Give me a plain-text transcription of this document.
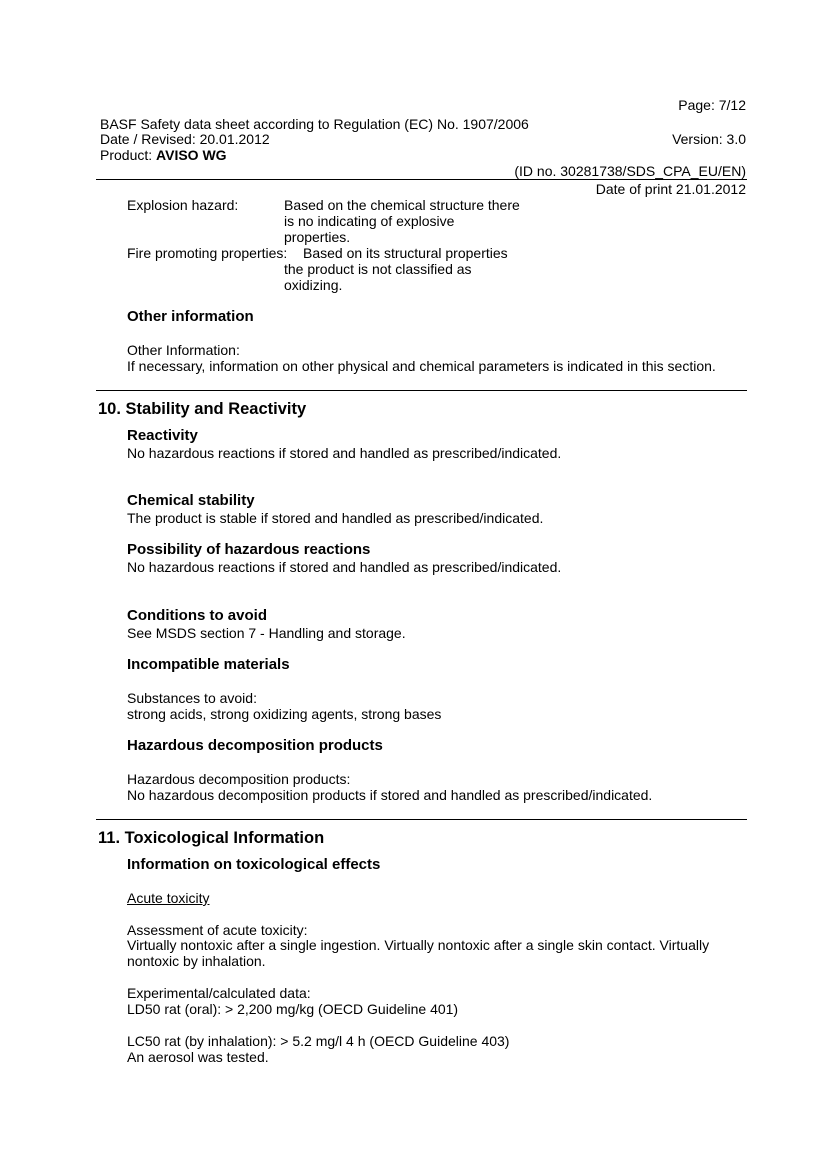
Page: 7/12
BASF Safety data sheet according to Regulation (EC) No. 1907/2006
Date / Revised: 20.01.2012	Version: 3.0
Product: AVISO WG
(ID no. 30281738/SDS_CPA_EU/EN)
Date of print 21.01.2012
Explosion hazard:	Based on the chemical structure there
is no indicating of explosive
properties.
Fire promoting properties: Based on its structural properties
the product is not classified as
oxidizing.
Other information
Other Information:
If necessary, information on other physical and chemical parameters is indicated in this section.
10. Stability and Reactivity
Reactivity
No hazardous reactions if stored and handled as prescribed/indicated.
Chemical stability
The product is stable if stored and handled as prescribed/indicated.
Possibility of hazardous reactions
No hazardous reactions if stored and handled as prescribed/indicated.
Conditions to avoid
See MSDS section 7 - Handling and storage.
Incompatible materials
Substances to avoid:
strong acids, strong oxidizing agents, strong bases
Hazardous decomposition products
Hazardous decomposition products:
No hazardous decomposition products if stored and handled as prescribed/indicated.
11. Toxicological Information
Information on toxicological effects
Acute toxicity
Assessment of acute toxicity:
Virtually nontoxic after a single ingestion. Virtually nontoxic after a single skin contact. Virtually
nontoxic by inhalation.
Experimental/calculated data:
LD50 rat (oral): > 2,200 mg/kg (OECD Guideline 401)
LC50 rat (by inhalation): > 5.2 mg/l 4 h (OECD Guideline 403)
An aerosol was tested.
